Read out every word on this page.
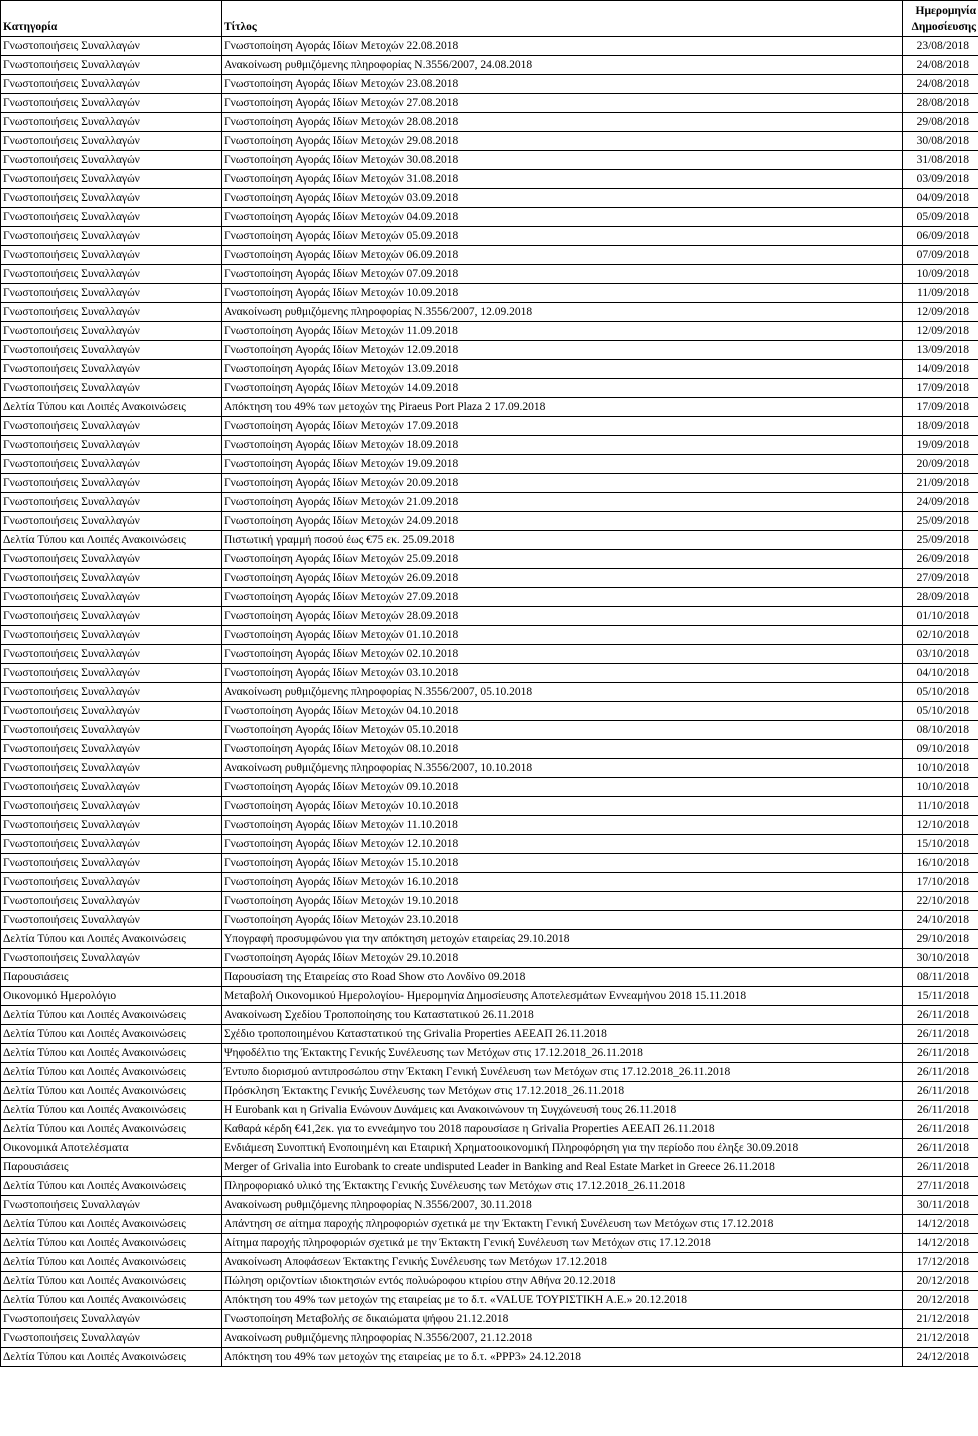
Κατηγορία	Τίτλος	Ημερομηνία Δημοσίευσης
Γνωστοποιήσεις Συναλλαγών	Γνωστοποίηση Αγοράς Ιδίων Μετοχών 22.08.2018	23/08/2018
Γνωστοποιήσεις Συναλλαγών	Ανακοίνωση ρυθμιζόμενης πληροφορίας Ν.3556/2007, 24.08.2018	24/08/2018
Γνωστοποιήσεις Συναλλαγών	Γνωστοποίηση Αγοράς Ιδίων Μετοχών 23.08.2018	24/08/2018
Γνωστοποιήσεις Συναλλαγών	Γνωστοποίηση Αγοράς Ιδίων Μετοχών 27.08.2018	28/08/2018
Γνωστοποιήσεις Συναλλαγών	Γνωστοποίηση Αγοράς Ιδίων Μετοχών 28.08.2018	29/08/2018
Γνωστοποιήσεις Συναλλαγών	Γνωστοποίηση Αγοράς Ιδίων Μετοχών 29.08.2018	30/08/2018
Γνωστοποιήσεις Συναλλαγών	Γνωστοποίηση Αγοράς Ιδίων Μετοχών 30.08.2018	31/08/2018
Γνωστοποιήσεις Συναλλαγών	Γνωστοποίηση Αγοράς Ιδίων Μετοχών 31.08.2018	03/09/2018
Γνωστοποιήσεις Συναλλαγών	Γνωστοποίηση Αγοράς Ιδίων Μετοχών 03.09.2018	04/09/2018
Γνωστοποιήσεις Συναλλαγών	Γνωστοποίηση Αγοράς Ιδίων Μετοχών 04.09.2018	05/09/2018
Γνωστοποιήσεις Συναλλαγών	Γνωστοποίηση Αγοράς Ιδίων Μετοχών 05.09.2018	06/09/2018
Γνωστοποιήσεις Συναλλαγών	Γνωστοποίηση Αγοράς Ιδίων Μετοχών 06.09.2018	07/09/2018
Γνωστοποιήσεις Συναλλαγών	Γνωστοποίηση Αγοράς Ιδίων Μετοχών 07.09.2018	10/09/2018
Γνωστοποιήσεις Συναλλαγών	Γνωστοποίηση Αγοράς Ιδίων Μετοχών 10.09.2018	11/09/2018
Γνωστοποιήσεις Συναλλαγών	Ανακοίνωση ρυθμιζόμενης πληροφορίας Ν.3556/2007, 12.09.2018	12/09/2018
Γνωστοποιήσεις Συναλλαγών	Γνωστοποίηση Αγοράς Ιδίων Μετοχών 11.09.2018	12/09/2018
Γνωστοποιήσεις Συναλλαγών	Γνωστοποίηση Αγοράς Ιδίων Μετοχών 12.09.2018	13/09/2018
Γνωστοποιήσεις Συναλλαγών	Γνωστοποίηση Αγοράς Ιδίων Μετοχών 13.09.2018	14/09/2018
Γνωστοποιήσεις Συναλλαγών	Γνωστοποίηση Αγοράς Ιδίων Μετοχών 14.09.2018	17/09/2018
Δελτία Τύπου και Λοιπές Ανακοινώσεις	Απόκτηση του 49% των μετοχών της Piraeus Port Plaza 2 17.09.2018	17/09/2018
Γνωστοποιήσεις Συναλλαγών	Γνωστοποίηση Αγοράς Ιδίων Μετοχών 17.09.2018	18/09/2018
Γνωστοποιήσεις Συναλλαγών	Γνωστοποίηση Αγοράς Ιδίων Μετοχών 18.09.2018	19/09/2018
Γνωστοποιήσεις Συναλλαγών	Γνωστοποίηση Αγοράς Ιδίων Μετοχών 19.09.2018	20/09/2018
Γνωστοποιήσεις Συναλλαγών	Γνωστοποίηση Αγοράς Ιδίων Μετοχών 20.09.2018	21/09/2018
Γνωστοποιήσεις Συναλλαγών	Γνωστοποίηση Αγοράς Ιδίων Μετοχών 21.09.2018	24/09/2018
Γνωστοποιήσεις Συναλλαγών	Γνωστοποίηση Αγοράς Ιδίων Μετοχών 24.09.2018	25/09/2018
Δελτία Τύπου και Λοιπές Ανακοινώσεις	Πιστωτική γραμμή ποσού έως €75 εκ. 25.09.2018	25/09/2018
Γνωστοποιήσεις Συναλλαγών	Γνωστοποίηση Αγοράς Ιδίων Μετοχών 25.09.2018	26/09/2018
Γνωστοποιήσεις Συναλλαγών	Γνωστοποίηση Αγοράς Ιδίων Μετοχών 26.09.2018	27/09/2018
Γνωστοποιήσεις Συναλλαγών	Γνωστοποίηση Αγοράς Ιδίων Μετοχών 27.09.2018	28/09/2018
Γνωστοποιήσεις Συναλλαγών	Γνωστοποίηση Αγοράς Ιδίων Μετοχών 28.09.2018	01/10/2018
Γνωστοποιήσεις Συναλλαγών	Γνωστοποίηση Αγοράς Ιδίων Μετοχών 01.10.2018	02/10/2018
Γνωστοποιήσεις Συναλλαγών	Γνωστοποίηση Αγοράς Ιδίων Μετοχών 02.10.2018	03/10/2018
Γνωστοποιήσεις Συναλλαγών	Γνωστοποίηση Αγοράς Ιδίων Μετοχών 03.10.2018	04/10/2018
Γνωστοποιήσεις Συναλλαγών	Ανακοίνωση ρυθμιζόμενης πληροφορίας Ν.3556/2007, 05.10.2018	05/10/2018
Γνωστοποιήσεις Συναλλαγών	Γνωστοποίηση Αγοράς Ιδίων Μετοχών 04.10.2018	05/10/2018
Γνωστοποιήσεις Συναλλαγών	Γνωστοποίηση Αγοράς Ιδίων Μετοχών 05.10.2018	08/10/2018
Γνωστοποιήσεις Συναλλαγών	Γνωστοποίηση Αγοράς Ιδίων Μετοχών 08.10.2018	09/10/2018
Γνωστοποιήσεις Συναλλαγών	Ανακοίνωση ρυθμιζόμενης πληροφορίας Ν.3556/2007, 10.10.2018	10/10/2018
Γνωστοποιήσεις Συναλλαγών	Γνωστοποίηση Αγοράς Ιδίων Μετοχών 09.10.2018	10/10/2018
Γνωστοποιήσεις Συναλλαγών	Γνωστοποίηση Αγοράς Ιδίων Μετοχών 10.10.2018	11/10/2018
Γνωστοποιήσεις Συναλλαγών	Γνωστοποίηση Αγοράς Ιδίων Μετοχών 11.10.2018	12/10/2018
Γνωστοποιήσεις Συναλλαγών	Γνωστοποίηση Αγοράς Ιδίων Μετοχών 12.10.2018	15/10/2018
Γνωστοποιήσεις Συναλλαγών	Γνωστοποίηση Αγοράς Ιδίων Μετοχών 15.10.2018	16/10/2018
Γνωστοποιήσεις Συναλλαγών	Γνωστοποίηση Αγοράς Ιδίων Μετοχών 16.10.2018	17/10/2018
Γνωστοποιήσεις Συναλλαγών	Γνωστοποίηση Αγοράς Ιδίων Μετοχών 19.10.2018	22/10/2018
Γνωστοποιήσεις Συναλλαγών	Γνωστοποίηση Αγοράς Ιδίων Μετοχών 23.10.2018	24/10/2018
Δελτία Τύπου και Λοιπές Ανακοινώσεις	Υπογραφή προσυμφώνου για την απόκτηση μετοχών εταιρείας 29.10.2018	29/10/2018
Γνωστοποιήσεις Συναλλαγών	Γνωστοποίηση Αγοράς Ιδίων Μετοχών 29.10.2018	30/10/2018
Παρουσιάσεις	Παρουσίαση της Εταιρείας στο Road Show στο Λονδίνο 09.2018	08/11/2018
Οικονομικό Ημερολόγιο	Μεταβολή Οικονομικού Ημερολογίου- Ημερομηνία Δημοσίευσης Αποτελεσμάτων Εννεαμήνου 2018 15.11.2018	15/11/2018
Δελτία Τύπου και Λοιπές Ανακοινώσεις	Ανακοίνωση Σχεδίου Τροποποίησης του Καταστατικού 26.11.2018	26/11/2018
Δελτία Τύπου και Λοιπές Ανακοινώσεις	Σχέδιο τροποποιημένου Καταστατικού της Grivalia Properties ΑΕΕΑΠ 26.11.2018	26/11/2018
Δελτία Τύπου και Λοιπές Ανακοινώσεις	Ψηφοδέλτιο της Έκτακτης Γενικής Συνέλευσης των Μετόχων στις 17.12.2018_26.11.2018	26/11/2018
Δελτία Τύπου και Λοιπές Ανακοινώσεις	Έντυπο διορισμού αντιπροσώπου στην Έκτακη Γενική Συνέλευση των Μετόχων στις 17.12.2018_26.11.2018	26/11/2018
Δελτία Τύπου και Λοιπές Ανακοινώσεις	Πρόσκληση Έκτακτης Γενικής Συνέλευσης των Μετόχων στις 17.12.2018_26.11.2018	26/11/2018
Δελτία Τύπου και Λοιπές Ανακοινώσεις	Η Eurobank και η Grivalia Ενώνουν Δυνάμεις και Ανακοινώνουν τη Συγχώνευσή τους 26.11.2018	26/11/2018
Δελτία Τύπου και Λοιπές Ανακοινώσεις	Καθαρά κέρδη €41,2εκ. για το εννεάμηνο του 2018 παρουσίασε η Grivalia Properties ΑΕΕΑΠ 26.11.2018	26/11/2018
Οικονομικά Αποτελέσματα	Ενδιάμεση Συνοπτική Ενοποιημένη και Εταιρική Χρηματοοικονομική Πληροφόρηση για την περίοδο που έληξε 30.09.2018	26/11/2018
Παρουσιάσεις	Merger of Grivalia into Eurobank to create undisputed Leader in Banking and Real Estate Market in Greece 26.11.2018	26/11/2018
Δελτία Τύπου και Λοιπές Ανακοινώσεις	Πληροφοριακό υλικό της Έκτακτης Γενικής Συνέλευσης των Μετόχων στις 17.12.2018_26.11.2018	27/11/2018
Γνωστοποιήσεις Συναλλαγών	Ανακοίνωση ρυθμιζόμενης πληροφορίας Ν.3556/2007, 30.11.2018	30/11/2018
Δελτία Τύπου και Λοιπές Ανακοινώσεις	Απάντηση σε αίτημα παροχής πληροφοριών σχετικά με την Έκτακτη Γενική Συνέλευση των Μετόχων στις 17.12.2018	14/12/2018
Δελτία Τύπου και Λοιπές Ανακοινώσεις	Αίτημα παροχής πληροφοριών σχετικά με την Έκτακτη Γενική Συνέλευση των Μετόχων στις 17.12.2018	14/12/2018
Δελτία Τύπου και Λοιπές Ανακοινώσεις	Ανακοίνωση Αποφάσεων Έκτακτης Γενικής Συνέλευσης των Μετόχων 17.12.2018	17/12/2018
Δελτία Τύπου και Λοιπές Ανακοινώσεις	Πώληση οριζοντίων ιδιοκτησιών εντός πολυώροφου κτιρίου στην Αθήνα 20.12.2018	20/12/2018
Δελτία Τύπου και Λοιπές Ανακοινώσεις	Απόκτηση του 49% των μετοχών της εταιρείας με το δ.τ. «VALUE ΤΟΥΡΙΣΤΙΚΗ Α.Ε.» 20.12.2018	20/12/2018
Γνωστοποιήσεις Συναλλαγών	Γνωστοποίηση Μεταβολής σε δικαιώματα ψήφου 21.12.2018	21/12/2018
Γνωστοποιήσεις Συναλλαγών	Ανακοίνωση ρυθμιζόμενης πληροφορίας Ν.3556/2007, 21.12.2018	21/12/2018
Δελτία Τύπου και Λοιπές Ανακοινώσεις	Απόκτηση του 49% των μετοχών της εταιρείας με το δ.τ. «PPP3» 24.12.2018	24/12/2018
